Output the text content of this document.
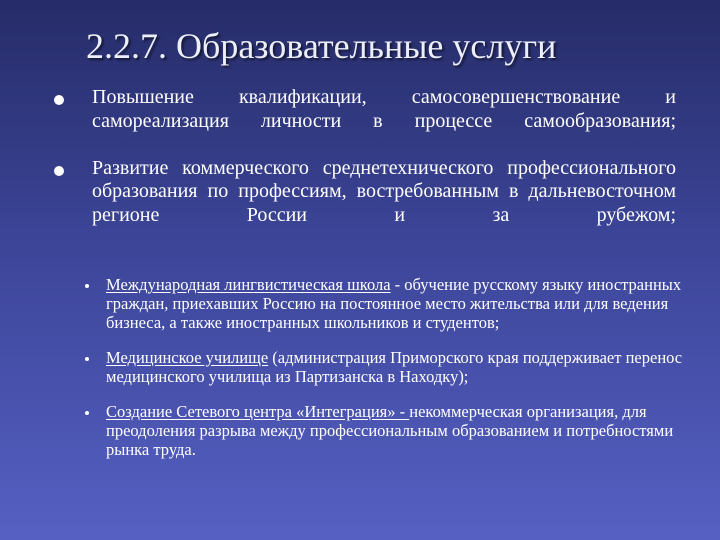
2.2.7. Образовательные услуги
Повышение квалификации, самосовершенствование и самореализация личности в процессе самообразования;
Развитие коммерческого среднетехнического профессионального образования по профессиям, востребованным в дальневосточном регионе России и за рубежом;
Международная лингвистическая школа - обучение русскому языку иностранных граждан, приехавших Россию на постоянное место жительства или для ведения бизнеса, а также иностранных школьников и студентов;
Медицинское училище (администрация Приморского края поддерживает перенос медицинского училища из Партизанска в Находку);
Создание Сетевого центра «Интеграция» - некоммерческая организация, для преодоления разрыва между профессиональным образованием и потребностями рынка труда.
